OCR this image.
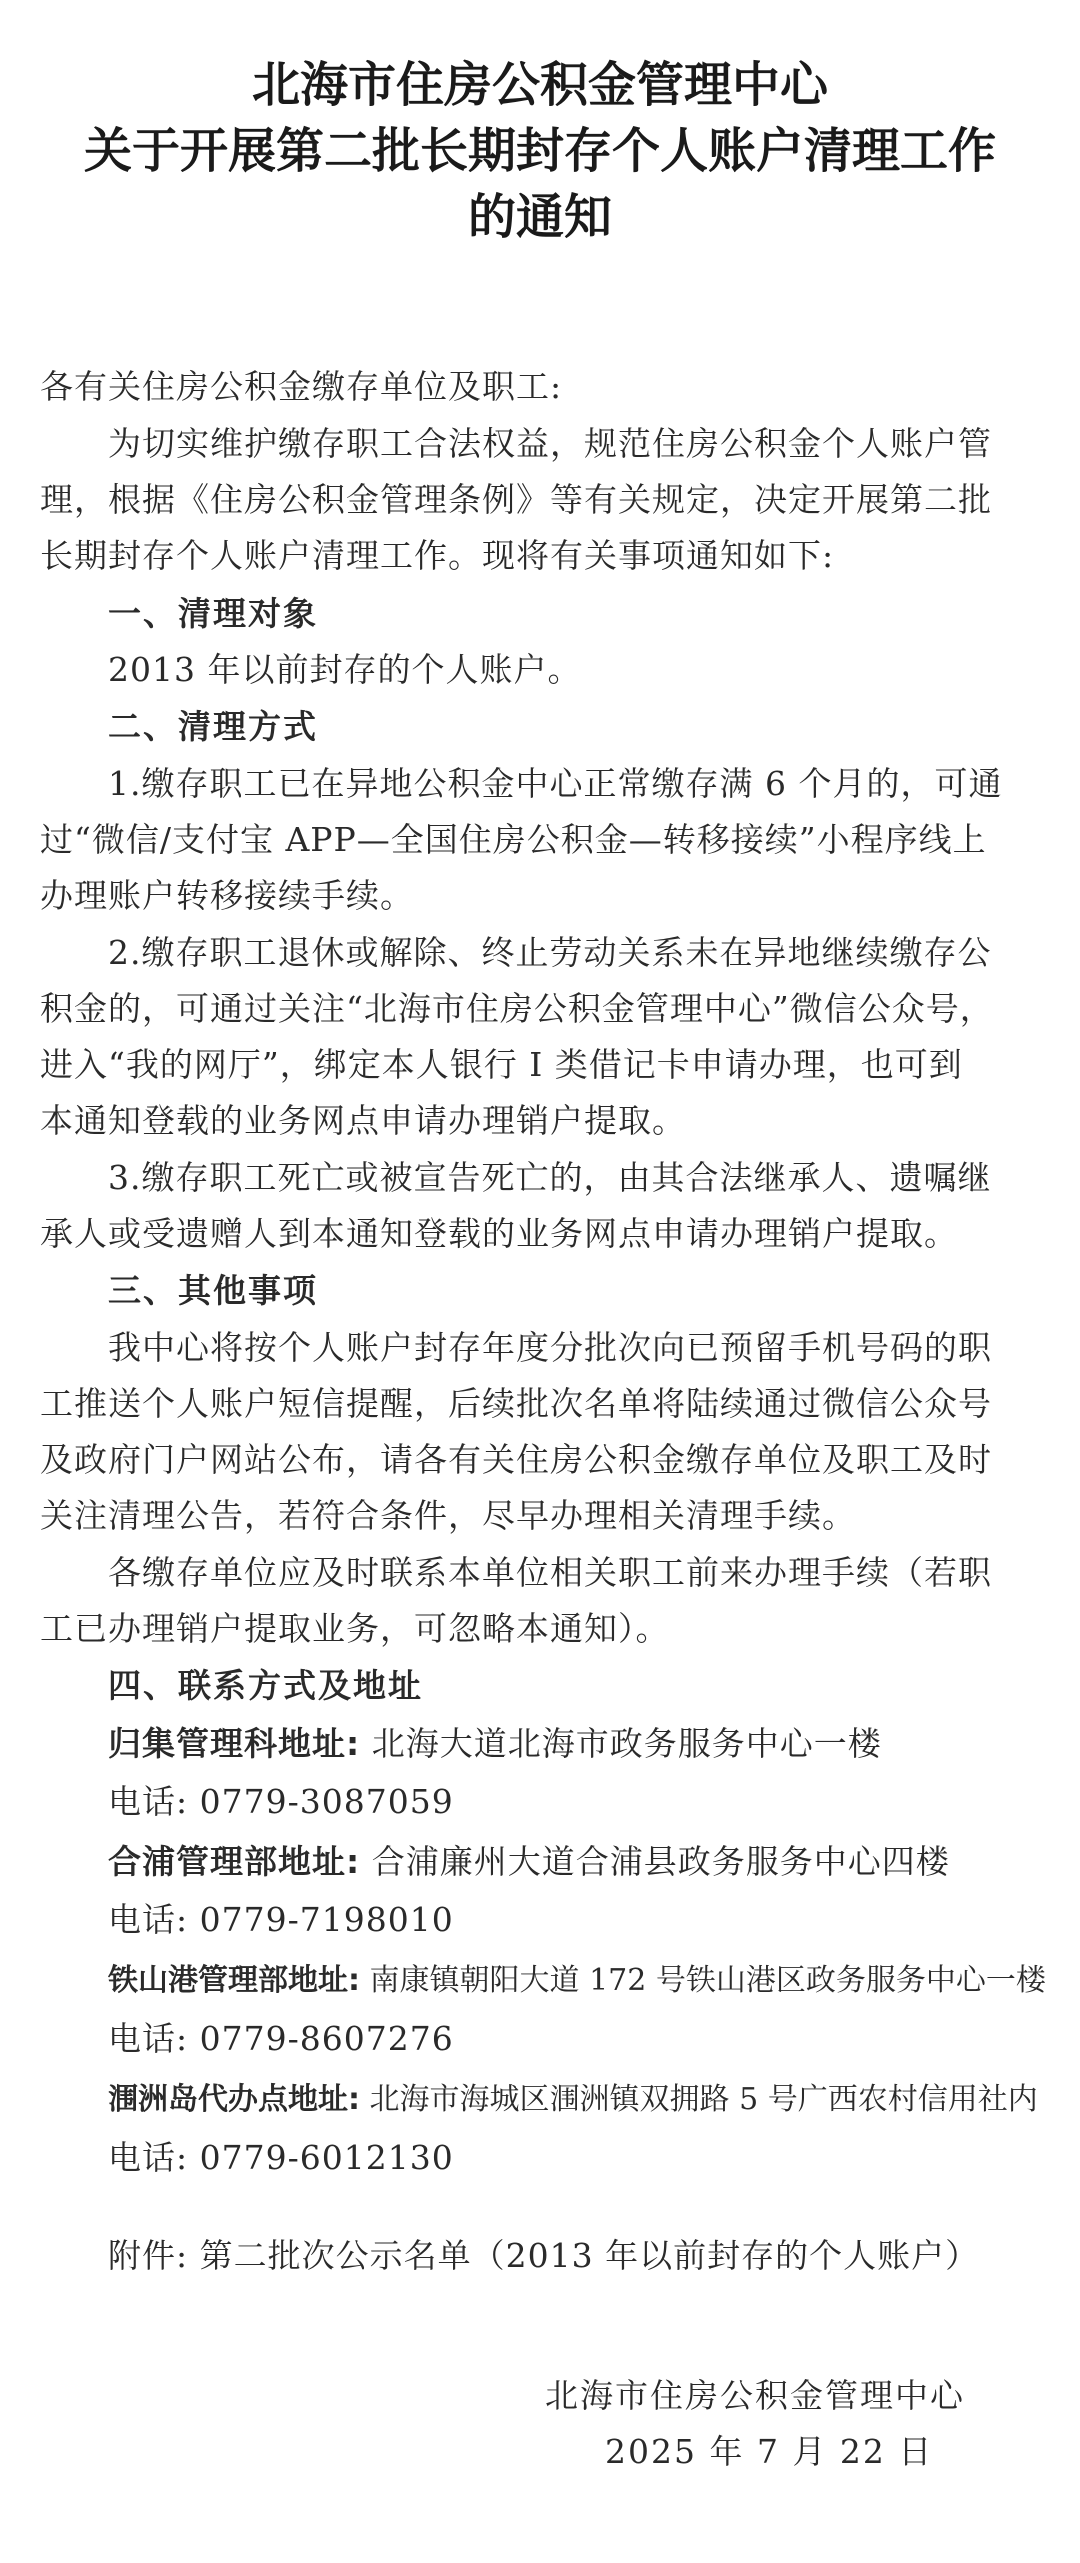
北海市住房公积金管理中心
关于开展第二批长期封存个人账户清理工作
的通知
各有关住房公积金缴存单位及职工:
为切实维护缴存职工合法权益，规范住房公积金个人账户管
理，根据《住房公积金管理条例》等有关规定，决定开展第二批
长期封存个人账户清理工作。现将有关事项通知如下:
一、清理对象
2013 年以前封存的个人账户。
二、清理方式
1.缴存职工已在异地公积金中心正常缴存满 6 个月的，可通
过“微信/支付宝 APP—全国住房公积金—转移接续”小程序线上
办理账户转移接续手续。
2.缴存职工退休或解除、终止劳动关系未在异地继续缴存公
积金的，可通过关注“北海市住房公积金管理中心”微信公众号，
进入“我的网厅”，绑定本人银行 I 类借记卡申请办理，也可到
本通知登载的业务网点申请办理销户提取。
3.缴存职工死亡或被宣告死亡的，由其合法继承人、遗嘱继
承人或受遗赠人到本通知登载的业务网点申请办理销户提取。
三、其他事项
我中心将按个人账户封存年度分批次向已预留手机号码的职
工推送个人账户短信提醒，后续批次名单将陆续通过微信公众号
及政府门户网站公布，请各有关住房公积金缴存单位及职工及时
关注清理公告，若符合条件，尽早办理相关清理手续。
各缴存单位应及时联系本单位相关职工前来办理手续（若职
工已办理销户提取业务，可忽略本通知）。
四、联系方式及地址
归集管理科地址: 北海大道北海市政务服务中心一楼
电话: 0779-3087059
合浦管理部地址: 合浦廉州大道合浦县政务服务中心四楼
电话: 0779-7198010
铁山港管理部地址: 南康镇朝阳大道 172 号铁山港区政务服务中心一楼
电话: 0779-8607276
涠洲岛代办点地址: 北海市海城区涠洲镇双拥路 5 号广西农村信用社内
电话: 0779-6012130
附件: 第二批次公示名单（2013 年以前封存的个人账户）
北海市住房公积金管理中心
2025 年 7 月 22 日
